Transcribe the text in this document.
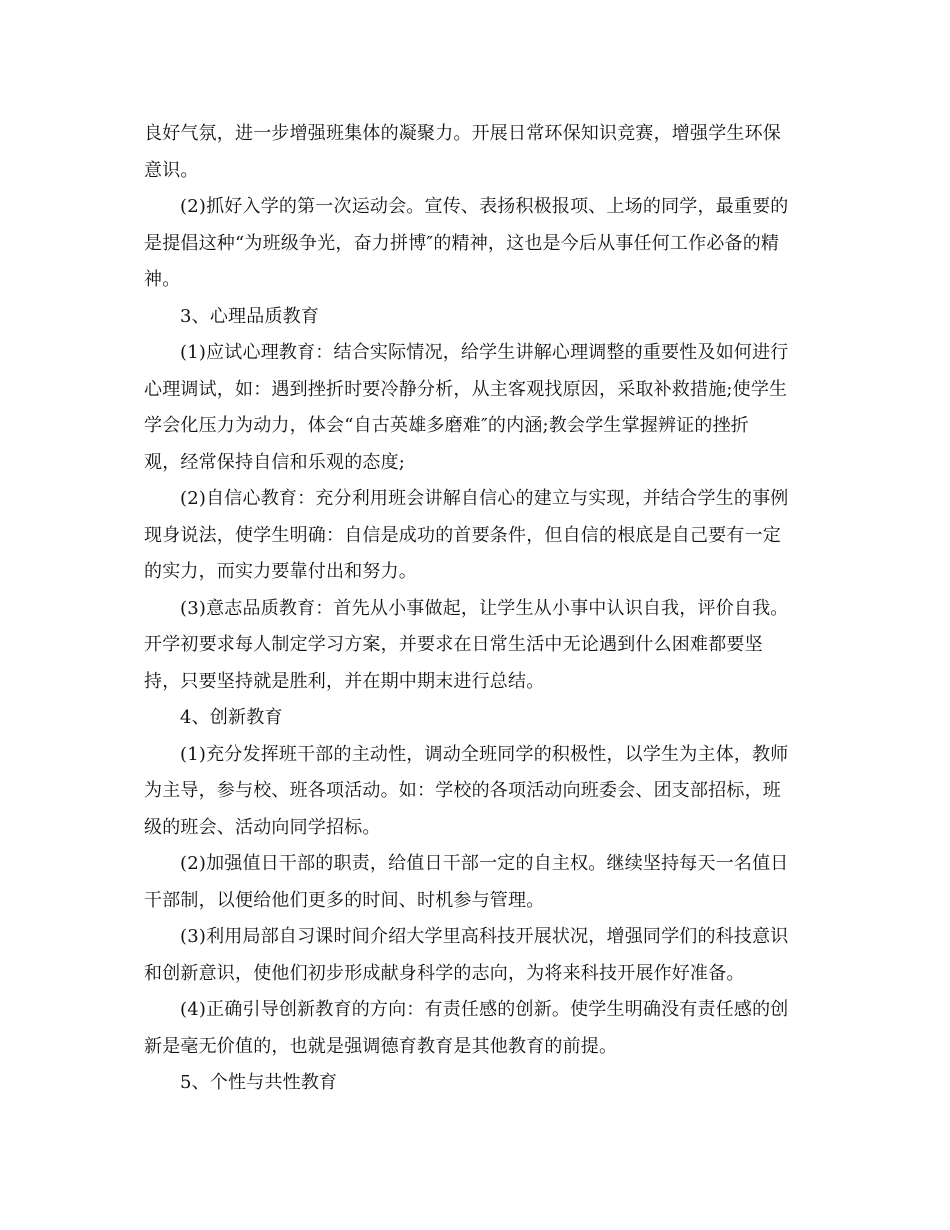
良好气氛，进一步增强班集体的凝聚力。开展日常环保知识竞赛，增强学生环保
意识。
(2)抓好入学的第一次运动会。宣传、表扬积极报项、上场的同学，最重要的
是提倡这种“为班级争光，奋力拼博″的精神，这也是今后从事任何工作必备的精
神。
3、心理品质教育
(1)应试心理教育：结合实际情况，给学生讲解心理调整的重要性及如何进行
心理调试，如：遇到挫折时要冷静分析，从主客观找原因，采取补救措施;使学生
学会化压力为动力，体会“自古英雄多磨难″的内涵;教会学生掌握辨证的挫折
观，经常保持自信和乐观的态度;
(2)自信心教育：充分利用班会讲解自信心的建立与实现，并结合学生的事例
现身说法，使学生明确：自信是成功的首要条件，但自信的根底是自己要有一定
的实力，而实力要靠付出和努力。
(3)意志品质教育：首先从小事做起，让学生从小事中认识自我，评价自我。
开学初要求每人制定学习方案，并要求在日常生活中无论遇到什么困难都要坚
持，只要坚持就是胜利，并在期中期末进行总结。
4、创新教育
(1)充分发挥班干部的主动性，调动全班同学的积极性，以学生为主体，教师
为主导，参与校、班各项活动。如：学校的各项活动向班委会、团支部招标，班
级的班会、活动向同学招标。
(2)加强值日干部的职责，给值日干部一定的自主权。继续坚持每天一名值日
干部制，以便给他们更多的时间、时机参与管理。
(3)利用局部自习课时间介绍大学里高科技开展状况，增强同学们的科技意识
和创新意识，使他们初步形成献身科学的志向，为将来科技开展作好准备。
(4)正确引导创新教育的方向：有责任感的创新。使学生明确没有责任感的创
新是毫无价值的，也就是强调德育教育是其他教育的前提。
5、个性与共性教育
